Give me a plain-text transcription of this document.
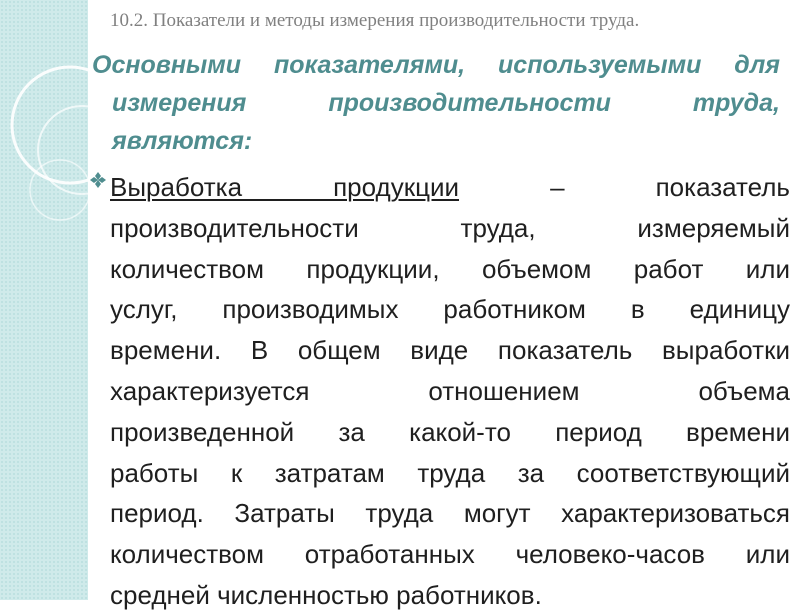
10.2. Показатели и методы измерения производительности труда.
Основными показателями, используемыми для
измерения производительности труда,
являются:
Выработка продукции – показатель
производительности труда, измеряемый
количеством продукции, объемом работ или
услуг, производимых работником в единицу
времени. В общем виде показатель выработки
характеризуется отношением объема
произведенной за какой-то период времени
работы к затратам труда за соответствующий
период. Затраты труда могут характеризоваться
количеством отработанных человеко-часов или
средней численностью работников.
